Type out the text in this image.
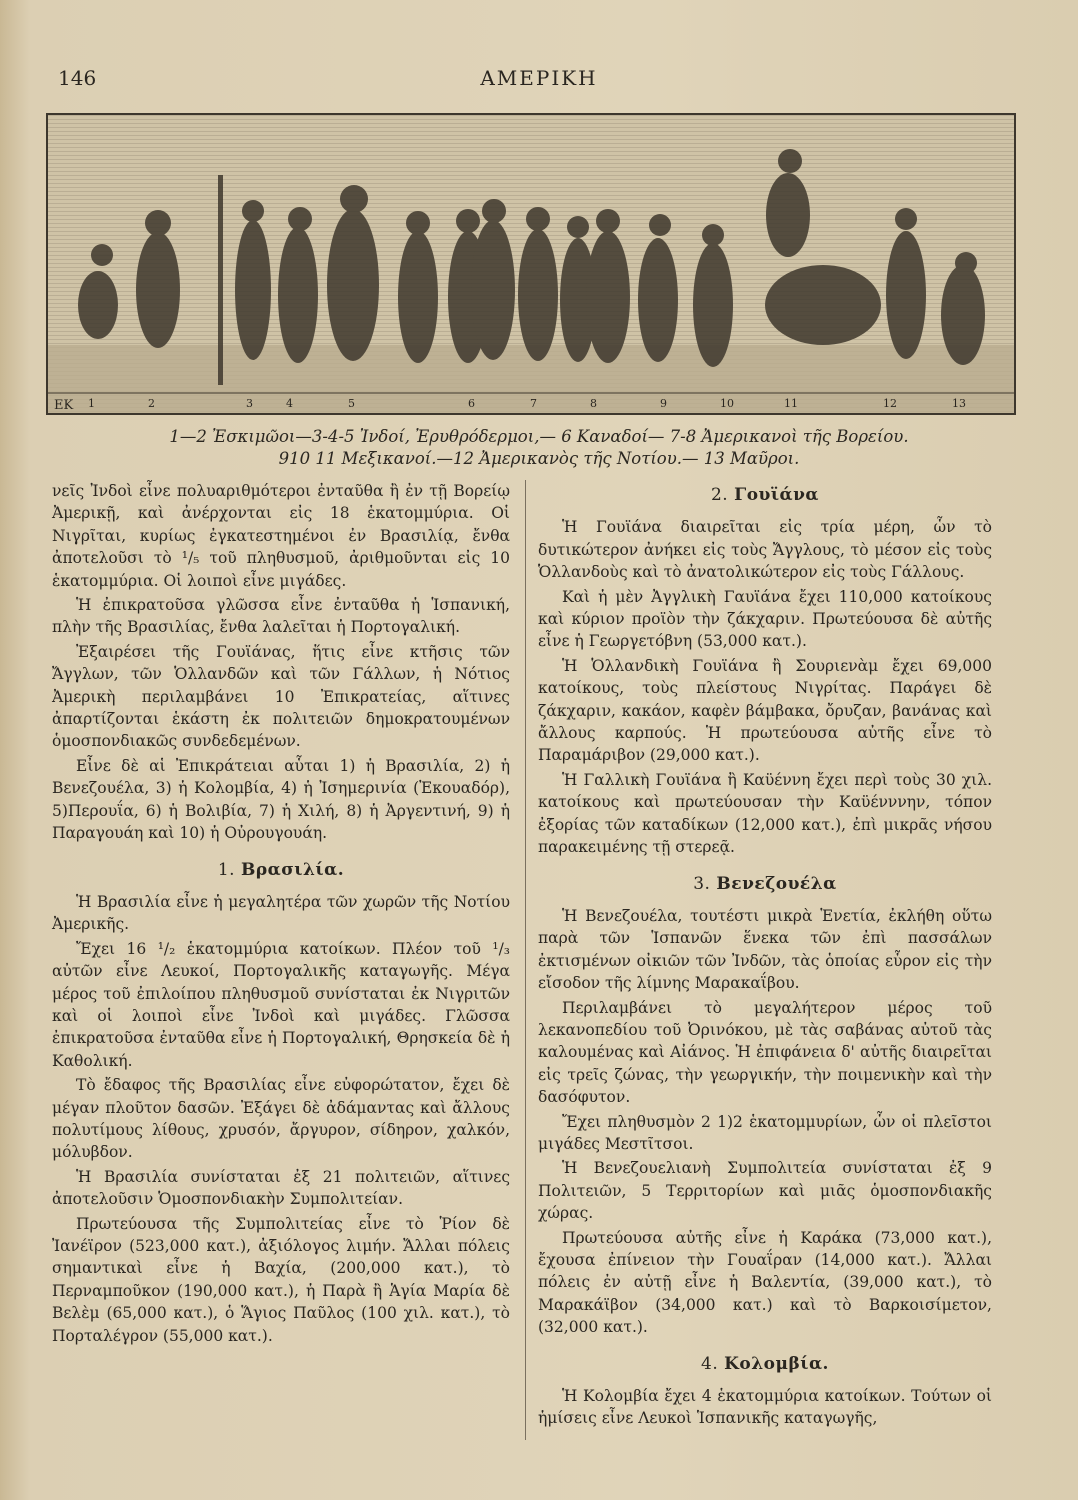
146	ΑΜΕΡΙΚΗ
ΕΚ 1	2	3	4	5	6	7	8	9	10	11	12	13
1—2 Ἐσκιμῶοι—3-4-5 Ἰνδοί, Ἐρυθρόδερμοι,— 6 Καναδοί— 7-8 Ἀμερικανοὶ τῆς Βορείου.
910 11 Μεξικανοί.—12 Ἀμερικανὸς τῆς Νοτίου.— 13 Μαῦροι.

νεῖς Ἰνδοὶ εἶνε πολυαριθμότεροι ἐνταῦθα ἢ ἐν τῇ Βορείῳ Ἀμερικῇ, καὶ ἀνέρχονται εἰς 18 ἑκατομμύρια. Οἱ Νιγρῖται, κυρίως ἐγκατεστημένοι ἐν Βρασιλίᾳ, ἔνθα ἀποτελοῦσι τὸ ¹/₅ τοῦ πληθυσμοῦ, ἀριθμοῦνται εἰς 10 ἑκατομμύρια. Οἱ λοιποὶ εἶνε μιγάδες.

Ἡ ἐπικρατοῦσα γλῶσσα εἶνε ἐνταῦθα ἡ Ἱσπανική, πλὴν τῆς Βρασιλίας, ἔνθα λαλεῖται ἡ Πορτογαλική.

Ἐξαιρέσει τῆς Γουϊάνας, ἥτις εἶνε κτῆσις τῶν Ἄγγλων, τῶν Ὁλλανδῶν καὶ τῶν Γάλλων, ἡ Νότιος Ἀμερικὴ περιλαμβάνει 10 Ἐπικρατείας, αἵτινες ἀπαρτίζονται ἑκάστη ἐκ πολιτειῶν δημοκρατουμένων ὁμοσπονδιακῶς συνδεδεμένων.

Εἶνε δὲ αἱ Ἐπικράτειαι αὗται 1) ἡ Βρασιλία, 2) ἡ Βενεζουέλα, 3) ἡ Κολομβία, 4) ἡ Ἰσημερινία (Ἐκουαδόρ), 5)Περουΐα, 6) ἡ Βολιβία, 7) ἡ Χιλή, 8) ἡ Ἀργεντινή, 9) ἡ Παραγουάη καὶ 10) ἡ Οὐρουγουάη.

1. Βρασιλία.

Ἡ Βρασιλία εἶνε ἡ μεγαλητέρα τῶν χωρῶν τῆς Νοτίου Ἀμερικῆς.

Ἔχει 16 ¹/₂ ἑκατομμύρια κατοίκων. Πλέον τοῦ ¹/₃ αὐτῶν εἶνε Λευκοί, Πορτογαλικῆς καταγωγῆς. Μέγα μέρος τοῦ ἐπιλοίπου πληθυσμοῦ συνίσταται ἐκ Νιγριτῶν καὶ οἱ λοιποὶ εἶνε Ἰνδοὶ καὶ μιγάδες. Γλῶσσα ἐπικρατοῦσα ἐνταῦθα εἶνε ἡ Πορτογαλική, Θρησκεία δὲ ἡ Καθολική.

Τὸ ἔδαφος τῆς Βρασιλίας εἶνε εὐφορώτατον, ἔχει δὲ μέγαν πλοῦτον δασῶν. Ἐξάγει δὲ ἀδάμαντας καὶ ἄλλους πολυτίμους λίθους, χρυσόν, ἄργυρον, σίδηρον, χαλκόν, μόλυβδον.

Ἡ Βρασιλία συνίσταται ἐξ 21 πολιτειῶν, αἵτινες ἀποτελοῦσιν Ὁμοσπονδιακὴν Συμπολιτείαν.

Πρωτεύουσα τῆς Συμπολιτείας εἶνε τὸ Ῥίον δὲ Ἰανέϊρον (523,000 κατ.), ἀξιόλογος λιμήν. Ἄλλαι πόλεις σημαντικαὶ εἶνε ἡ Βαχία, (200,000 κατ.), τὸ Περναμποῦκον (190,000 κατ.), ἡ Παρὰ ἢ Ἁγία Μαρία δὲ Βελὲμ (65,000 κατ.), ὁ Ἅγιος Παῦλος (100 χιλ. κατ.), τὸ Πορταλέγρον (55,000 κατ.).

2. Γουϊάνα

Ἡ Γουϊάνα διαιρεῖται εἰς τρία μέρη, ὧν τὸ δυτικώτερον ἀνήκει εἰς τοὺς Ἄγγλους, τὸ μέσον εἰς τοὺς Ὁλλανδοὺς καὶ τὸ ἀνατολικώτερον εἰς τοὺς Γάλλους.

Καὶ ἡ μὲν Ἀγγλικὴ Γαυϊάνα ἔχει 110,000 κατοίκους καὶ κύριον προϊὸν τὴν ζάκχαριν. Πρωτεύουσα δὲ αὐτῆς εἶνε ἡ Γεωργετόβνη (53,000 κατ.).

Ἡ Ὁλλανδικὴ Γουϊάνα ἢ Σουριενὰμ ἔχει 69,000 κατοίκους, τοὺς πλείστους Νιγρίτας. Παράγει δὲ ζάκχαριν, κακάον, καφὲν βάμβακα, ὄρυζαν, βανάνας καὶ ἄλλους καρπούς. Ἡ πρωτεύουσα αὐτῆς εἶνε τὸ Παραμάριβον (29,000 κατ.).

Ἡ Γαλλικὴ Γουϊάνα ἢ Καϋέννη ἔχει περὶ τοὺς 30 χιλ. κατοίκους καὶ πρωτεύουσαν τὴν Καϋένννην, τόπον ἐξορίας τῶν καταδίκων (12,000 κατ.), ἐπὶ μικρᾶς νήσου παρακειμένης τῇ στερεᾷ.

3. Βενεζουέλα

Ἡ Βενεζουέλα, τουτέστι μικρὰ Ἑνετία, ἐκλήθη οὕτω παρὰ τῶν Ἱσπανῶν ἕνεκα τῶν ἐπὶ πασσάλων ἐκτισμένων οἰκιῶν τῶν Ἰνδῶν, τὰς ὁποίας εὗρον εἰς τὴν εἴσοδον τῆς λίμνης Μαρακαΐβου.

Περιλαμβάνει τὸ μεγαλήτερον μέρος τοῦ λεκανοπεδίου τοῦ Ὀρινόκου, μὲ τὰς σαβάνας αὐτοῦ τὰς καλουμένας καὶ Αἰάνος. Ἡ ἐπιφάνεια δ' αὐτῆς διαιρεῖται εἰς τρεῖς ζώνας, τὴν γεωργικήν, τὴν ποιμενικὴν καὶ τὴν δασόφυτον.

Ἔχει πληθυσμὸν 2 1)2 ἑκατομμυρίων, ὧν οἱ πλεῖστοι μιγάδες Μεστῖτσοι.

Ἡ Βενεζουελιανὴ Συμπολιτεία συνίσταται ἐξ 9 Πολιτειῶν, 5 Τερριτορίων καὶ μιᾶς ὁμοσπονδιακῆς χώρας.

Πρωτεύουσα αὐτῆς εἶνε ἡ Καράκα (73,000 κατ.), ἔχουσα ἐπίνειον τὴν Γουαΐραν (14,000 κατ.). Ἄλλαι πόλεις ἐν αὐτῇ εἶνε ἡ Βαλεντία, (39,000 κατ.), τὸ Μαρακάϊβον (34,000 κατ.) καὶ τὸ Βαρκοισίμετον, (32,000 κατ.).

4. Κολομβία.

Ἡ Κολομβία ἔχει 4 ἑκατομμύρια κατοίκων. Τούτων οἱ ἡμίσεις εἶνε Λευκοὶ Ἱσπανικῆς καταγωγῆς,
